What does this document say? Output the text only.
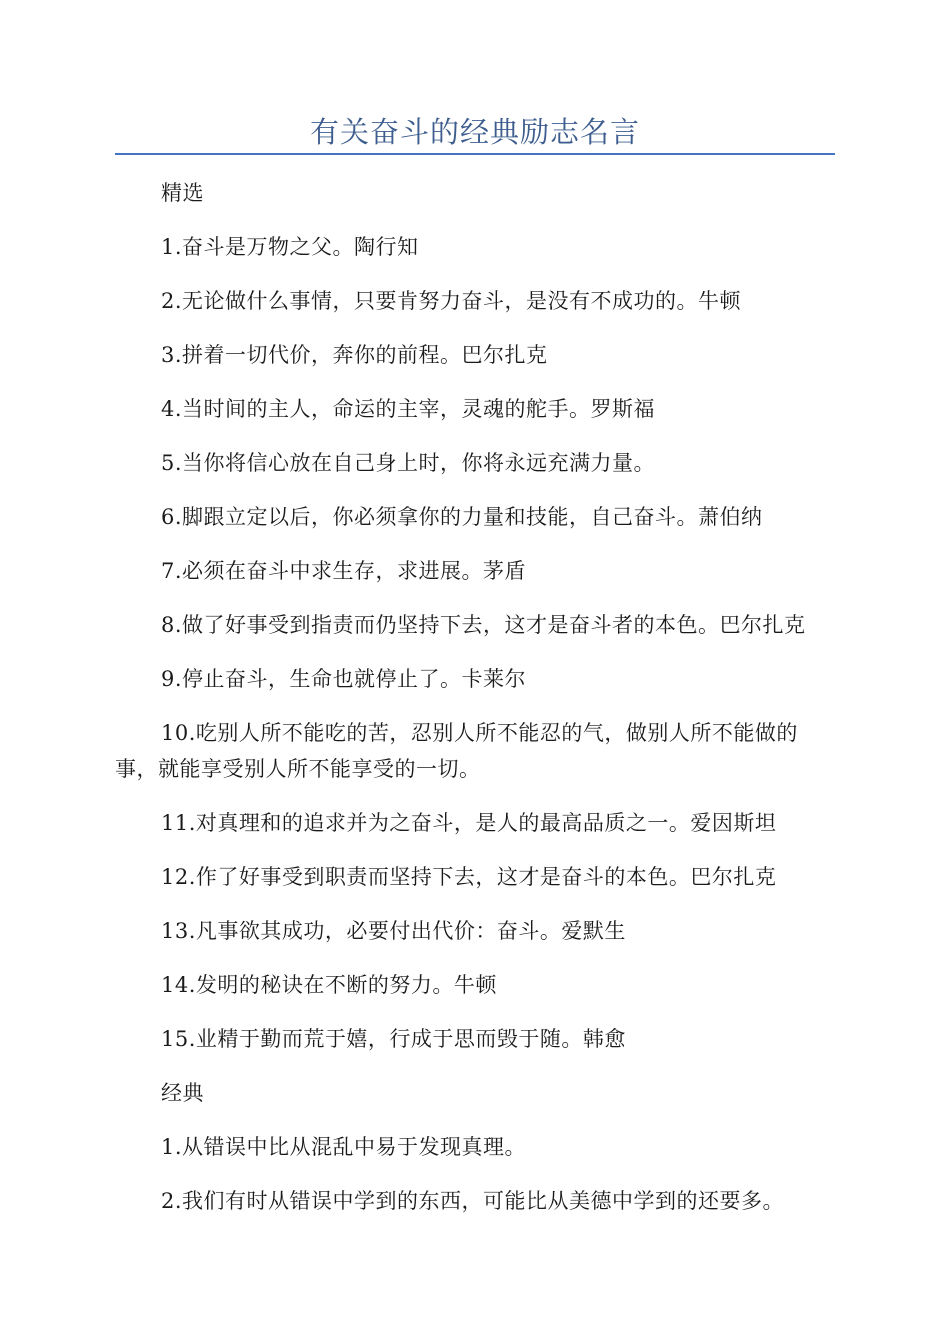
有关奋斗的经典励志名言

精选

1.奋斗是万物之父。陶行知

2.无论做什么事情，只要肯努力奋斗，是没有不成功的。牛顿

3.拼着一切代价，奔你的前程。巴尔扎克

4.当时间的主人，命运的主宰，灵魂的舵手。罗斯福

5.当你将信心放在自己身上时，你将永远充满力量。

6.脚跟立定以后，你必须拿你的力量和技能，自己奋斗。萧伯纳

7.必须在奋斗中求生存，求进展。茅盾

8.做了好事受到指责而仍坚持下去，这才是奋斗者的本色。巴尔扎克

9.停止奋斗，生命也就停止了。卡莱尔

10.吃别人所不能吃的苦，忍别人所不能忍的气，做别人所不能做的事，就能享受别人所不能享受的一切。

11.对真理和的追求并为之奋斗，是人的最高品质之一。爱因斯坦

12.作了好事受到职责而坚持下去，这才是奋斗的本色。巴尔扎克

13.凡事欲其成功，必要付出代价：奋斗。爱默生

14.发明的秘诀在不断的努力。牛顿

15.业精于勤而荒于嬉，行成于思而毁于随。韩愈

经典

1.从错误中比从混乱中易于发现真理。

2.我们有时从错误中学到的东西，可能比从美德中学到的还要多。
